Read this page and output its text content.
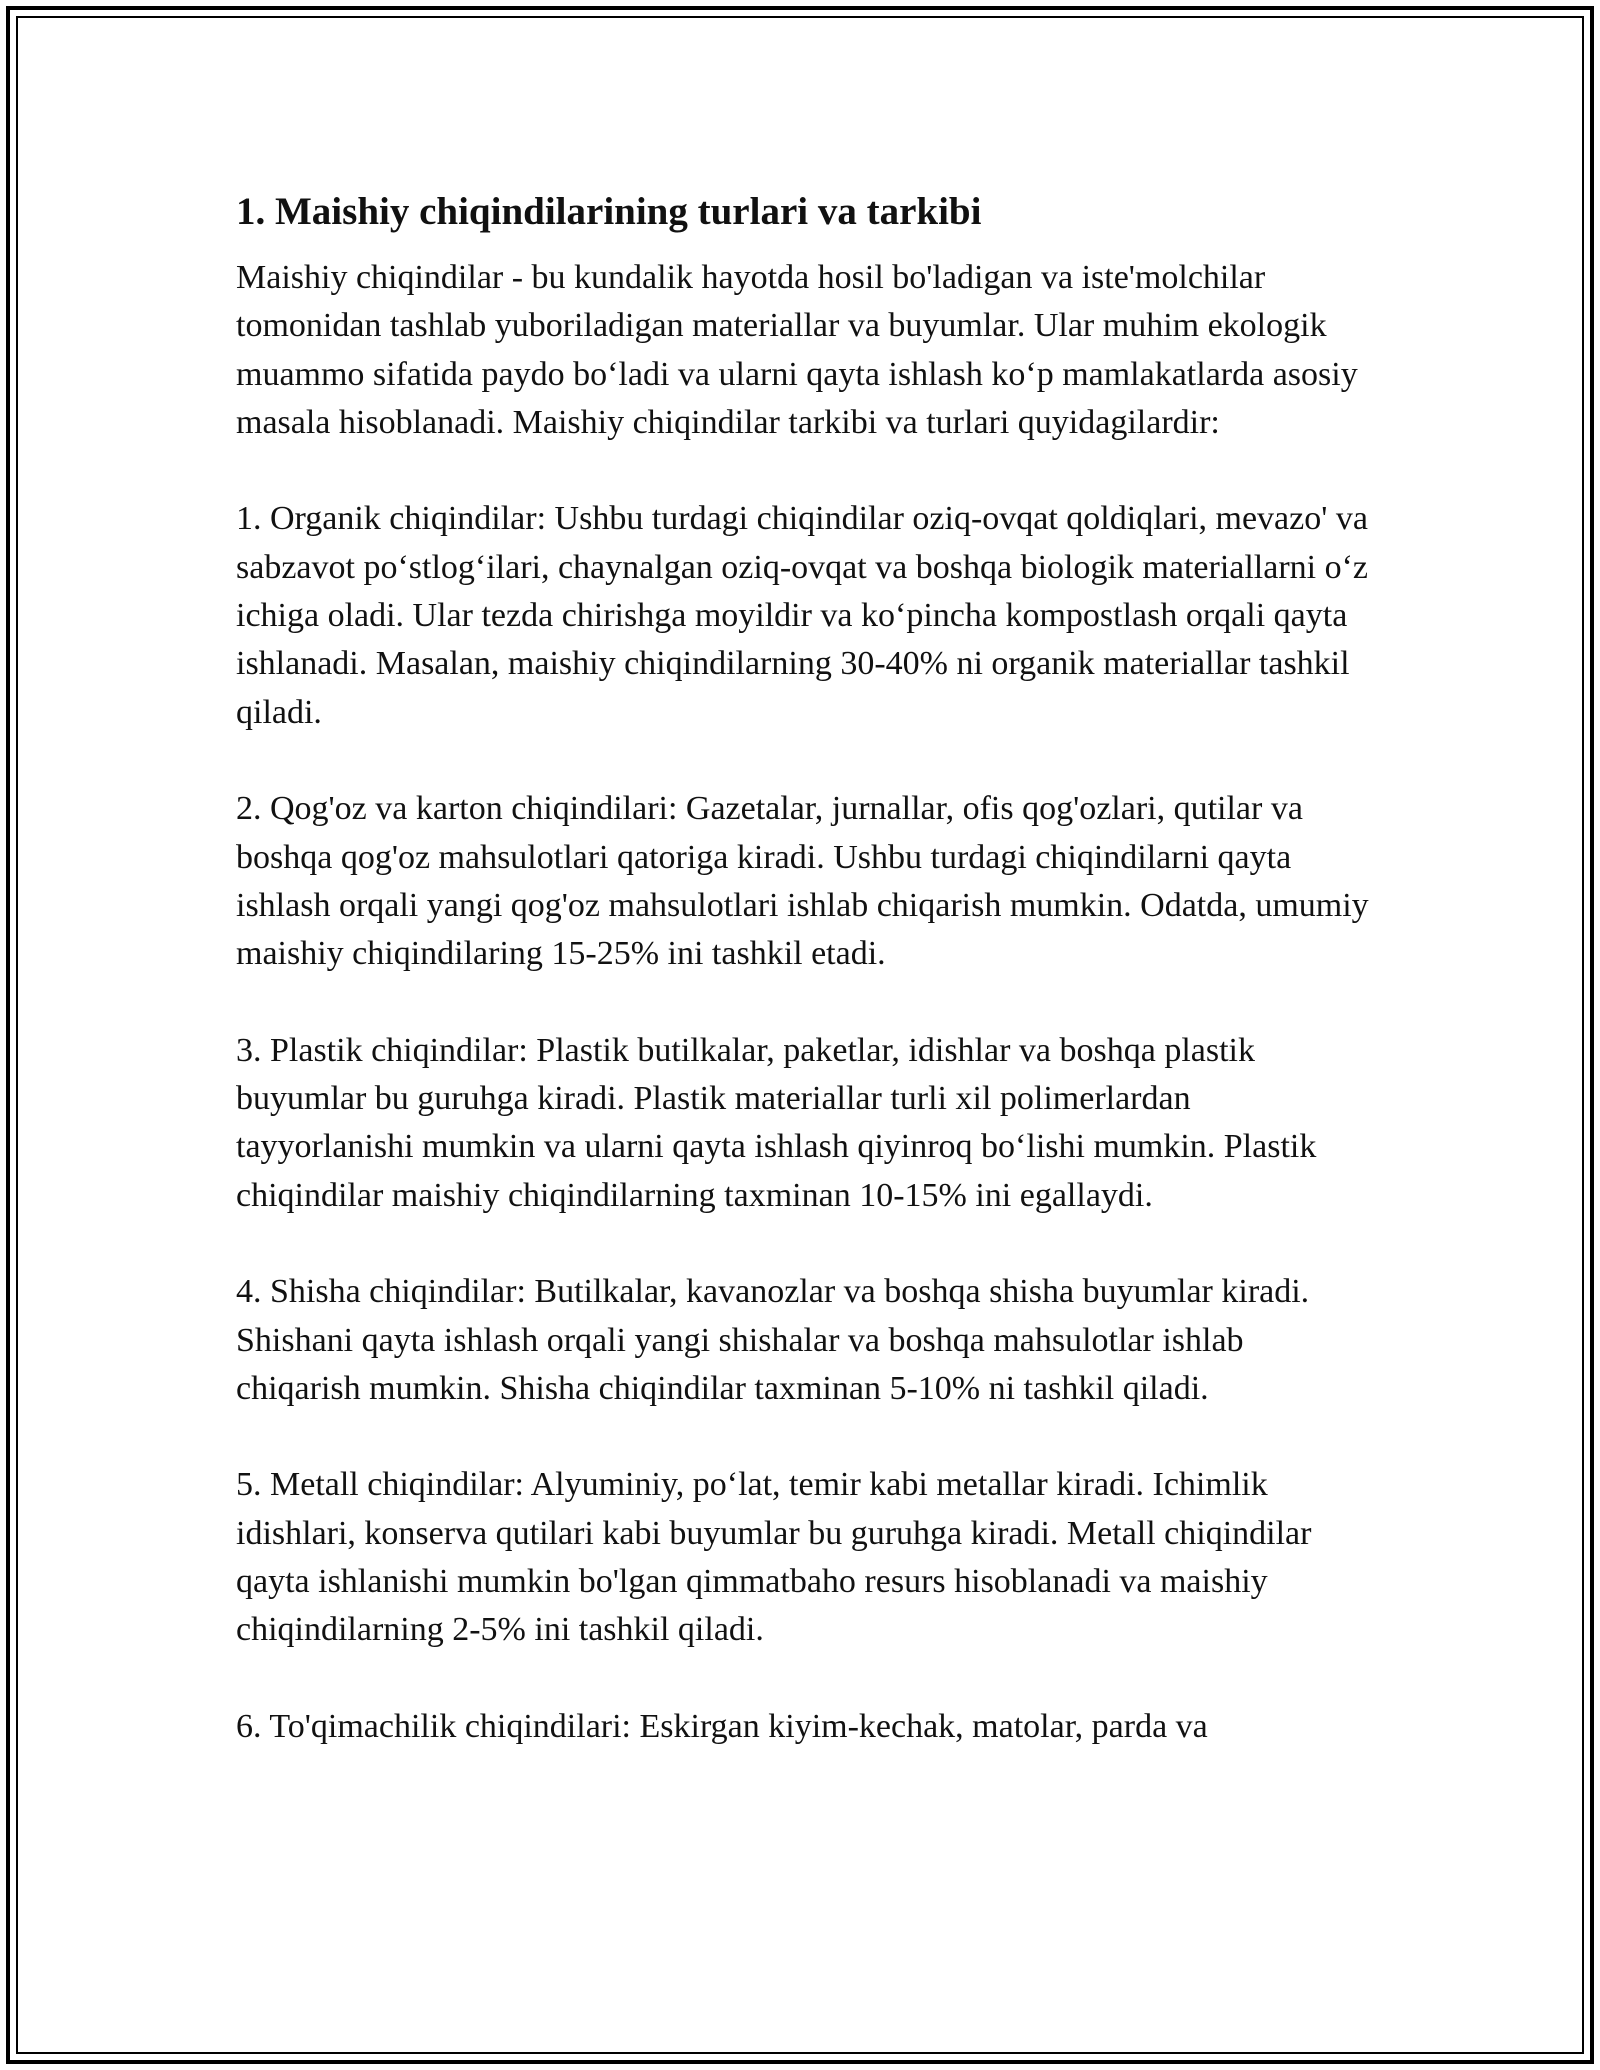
1. Maishiy chiqindilarining turlari va tarkibi

Maishiy chiqindilar - bu kundalik hayotda hosil bo'ladigan va iste'molchilar tomonidan tashlab yuboriladigan materiallar va buyumlar. Ular muhim ekologik muammo sifatida paydo boʻladi va ularni qayta ishlash koʻp mamlakatlarda asosiy masala hisoblanadi. Maishiy chiqindilar tarkibi va turlari quyidagilardir:

1. Organik chiqindilar: Ushbu turdagi chiqindilar oziq-ovqat qoldiqlari, mevazo' va sabzavot poʻstlogʻilari, chaynalgan oziq-ovqat va boshqa biologik materiallarni oʻz ichiga oladi. Ular tezda chirishga moyildir va koʻpincha kompostlash orqali qayta ishlanadi. Masalan, maishiy chiqindilarning 30-40% ni organik materiallar tashkil qiladi.

2. Qog'oz va karton chiqindilari: Gazetalar, jurnallar, ofis qog'ozlari, qutilar va boshqa qog'oz mahsulotlari qatoriga kiradi. Ushbu turdagi chiqindilarni qayta ishlash orqali yangi qog'oz mahsulotlari ishlab chiqarish mumkin. Odatda, umumiy maishiy chiqindilaring 15-25% ini tashkil etadi.

3. Plastik chiqindilar: Plastik butilkalar, paketlar, idishlar va boshqa plastik buyumlar bu guruhga kiradi. Plastik materiallar turli xil polimerlardan tayyorlanishi mumkin va ularni qayta ishlash qiyinroq boʻlishi mumkin. Plastik chiqindilar maishiy chiqindilarning taxminan 10-15% ini egallaydi.

4. Shisha chiqindilar: Butilkalar, kavanozlar va boshqa shisha buyumlar kiradi. Shishani qayta ishlash orqali yangi shishalar va boshqa mahsulotlar ishlab chiqarish mumkin. Shisha chiqindilar taxminan 5-10% ni tashkil qiladi.

5. Metall chiqindilar: Alyuminiy, poʻlat, temir kabi metallar kiradi. Ichimlik idishlari, konserva qutilari kabi buyumlar bu guruhga kiradi. Metall chiqindilar qayta ishlanishi mumkin bo'lgan qimmatbaho resurs hisoblanadi va maishiy chiqindilarning 2-5% ini tashkil qiladi.

6. To'qimachilik chiqindilari: Eskirgan kiyim-kechak, matolar, parda va
